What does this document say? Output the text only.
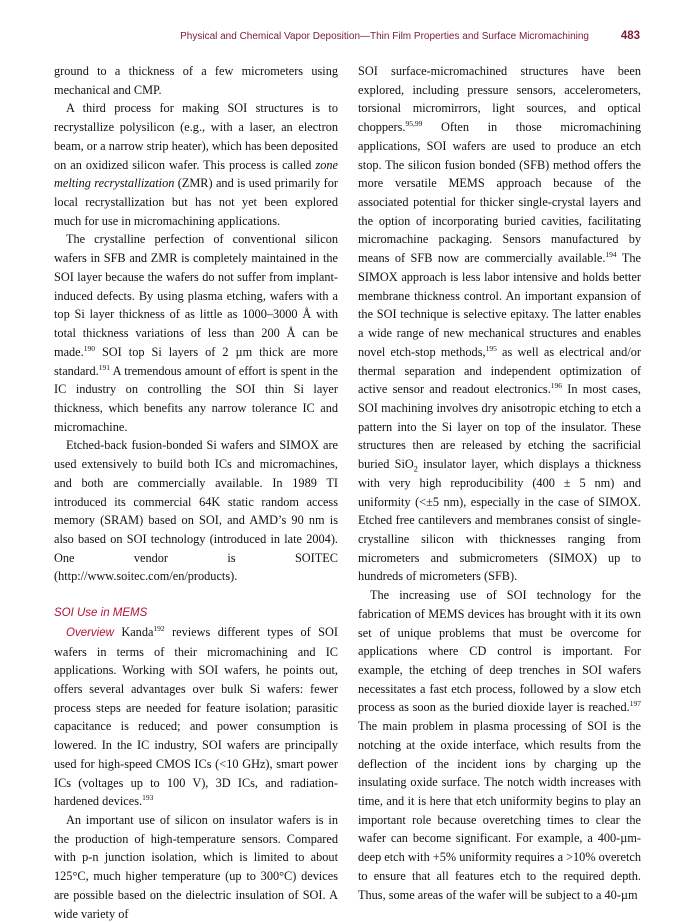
Physical and Chemical Vapor Deposition—Thin Film Properties and Surface Micromachining	483

ground to a thickness of a few micrometers using mechanical and CMP.

A third process for making SOI structures is to recrystallize polysilicon (e.g., with a laser, an electron beam, or a narrow strip heater), which has been deposited on an oxidized silicon wafer. This process is called zone melting recrystallization (ZMR) and is used primarily for local recrystallization but has not yet been explored much for use in micromachining applications.

The crystalline perfection of conventional silicon wafers in SFB and ZMR is completely maintained in the SOI layer because the wafers do not suffer from implant-induced defects. By using plasma etching, wafers with a top Si layer thickness of as little as 1000–3000 Å with total thickness variations of less than 200 Å can be made.$^{190}$ SOI top Si layers of 2 µm thick are more standard.$^{191}$ A tremendous amount of effort is spent in the IC industry on controlling the SOI thin Si layer thickness, which benefits any narrow tolerance IC and micromachine.

Etched-back fusion-bonded Si wafers and SIMOX are used extensively to build both ICs and micromachines, and both are commercially available. In 1989 TI introduced its commercial 64K static random access memory (SRAM) based on SOI, and AMD’s 90 nm is also based on SOI technology (introduced in late 2004). One vendor is SOITEC (http://www.soitec.com/en/products).

SOI Use in MEMS

Overview Kanda$^{192}$ reviews different types of SOI wafers in terms of their micromachining and IC applications. Working with SOI wafers, he points out, offers several advantages over bulk Si wafers: fewer process steps are needed for feature isolation; parasitic capacitance is reduced; and power consumption is lowered. In the IC industry, SOI wafers are principally used for high-speed CMOS ICs (<10 GHz), smart power ICs (voltages up to 100 V), 3D ICs, and radiation-hardened devices.$^{193}$

An important use of silicon on insulator wafers is in the production of high-temperature sensors. Compared with p-n junction isolation, which is limited to about 125°C, much higher temperature (up to 300°C) devices are possible based on the dielectric insulation of SOI. A wide variety of

SOI surface-micromachined structures have been explored, including pressure sensors, accelerometers, torsional micromirrors, light sources, and optical choppers.$^{95,99}$ Often in those micromachining applications, SOI wafers are used to produce an etch stop. The silicon fusion bonded (SFB) method offers the more versatile MEMS approach because of the associated potential for thicker single-crystal layers and the option of incorporating buried cavities, facilitating micromachine packaging. Sensors manufactured by means of SFB now are commercially available.$^{194}$ The SIMOX approach is less labor intensive and holds better membrane thickness control. An important expansion of the SOI technique is selective epitaxy. The latter enables a wide range of new mechanical structures and enables novel etch-stop methods,$^{195}$ as well as electrical and/or thermal separation and independent optimization of active sensor and readout electronics.$^{196}$ In most cases, SOI machining involves dry anisotropic etching to etch a pattern into the Si layer on top of the insulator. These structures then are released by etching the sacrificial buried SiO$_2$ insulator layer, which displays a thickness with very high reproducibility (400 ± 5 nm) and uniformity (<±5 nm), especially in the case of SIMOX. Etched free cantilevers and membranes consist of single-crystalline silicon with thicknesses ranging from micrometers and submicrometers (SIMOX) up to hundreds of micrometers (SFB).

The increasing use of SOI technology for the fabrication of MEMS devices has brought with it its own set of unique problems that must be overcome for applications where CD control is important. For example, the etching of deep trenches in SOI wafers necessitates a fast etch process, followed by a slow etch process as soon as the buried dioxide layer is reached.$^{197}$ The main problem in plasma processing of SOI is the notching at the oxide interface, which results from the deflection of the incident ions by charging up the insulating oxide surface. The notch width increases with time, and it is here that etch uniformity begins to play an important role because overetching times to clear the wafer can become significant. For example, a 400-µm-deep etch with +5% uniformity requires a >10% overetch to ensure that all features etch to the required depth. Thus, some areas of the wafer will be subject to a 40-µm
